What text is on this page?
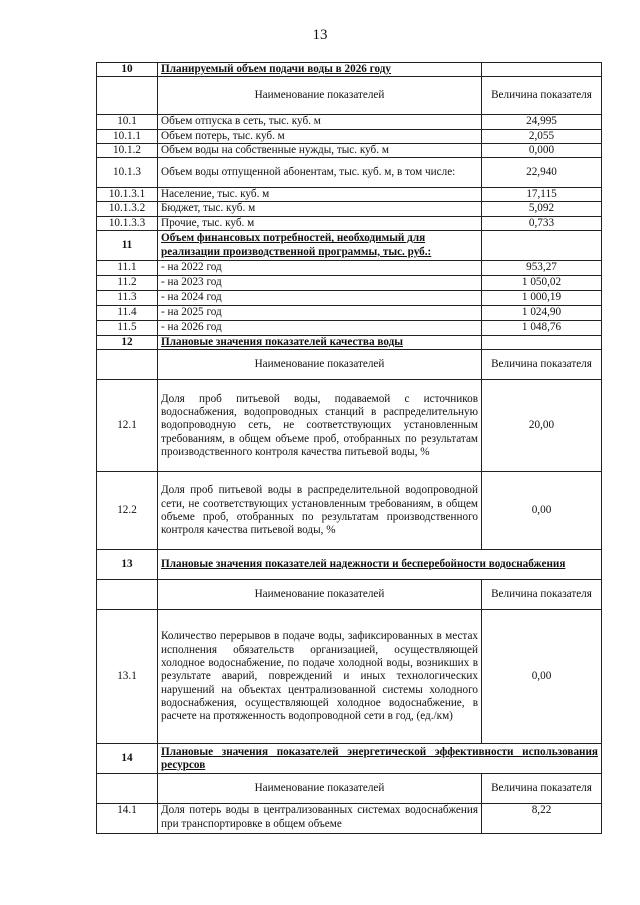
13
10	Планируемый объем подачи воды в 2026 году	
	Наименование показателей	Величина показателя
10.1	Объем отпуска в сеть, тыс. куб. м	24,995
10.1.1	Объем потерь, тыс. куб. м	2,055
10.1.2	Объем воды на собственные нужды, тыс. куб. м	0,000
10.1.3	Объем воды отпущенной абонентам, тыс. куб. м, в том числе:	22,940
10.1.3.1	Население, тыс. куб. м	17,115
10.1.3.2	Бюджет, тыс. куб. м	5,092
10.1.3.3	Прочие, тыс. куб. м	0,733
11	Объем финансовых потребностей, необходимый для реализации производственной программы, тыс. руб.:	
11.1	- на 2022 год	953,27
11.2	- на 2023 год	1 050,02
11.3	- на 2024 год	1 000,19
11.4	- на 2025 год	1 024,90
11.5	- на 2026 год	1 048,76
12	Плановые значения показателей качества воды	
	Наименование показателей	Величина показателя
12.1	Доля проб питьевой воды, подаваемой с источников водоснабжения, водопроводных станций в распределительную водопроводную сеть, не соответствующих установленным требованиям, в общем объеме проб, отобранных по результатам производственного контроля качества питьевой воды, %	20,00
12.2	Доля проб питьевой воды в распределительной водопроводной сети, не соответствующих установленным требованиям, в общем объеме проб, отобранных по результатам производственного контроля качества питьевой воды, %	0,00
13	Плановые значения показателей надежности и бесперебойности водоснабжения	
	Наименование показателей	Величина показателя
13.1	Количество перерывов в подаче воды, зафиксированных в местах исполнения обязательств организацией, осуществляющей холодное водоснабжение, по подаче холодной воды, возникших в результате аварий, повреждений и иных технологических нарушений на объектах централизованной системы холодного водоснабжения, осуществляющей холодное водоснабжение, в расчете на протяженность водопроводной сети в год, (ед./км)	0,00
14	Плановые значения показателей энергетической эффективности использования ресурсов	
	Наименование показателей	Величина показателя
14.1	Доля потерь воды в централизованных системах водоснабжения при транспортировке в общем объеме	8,22
